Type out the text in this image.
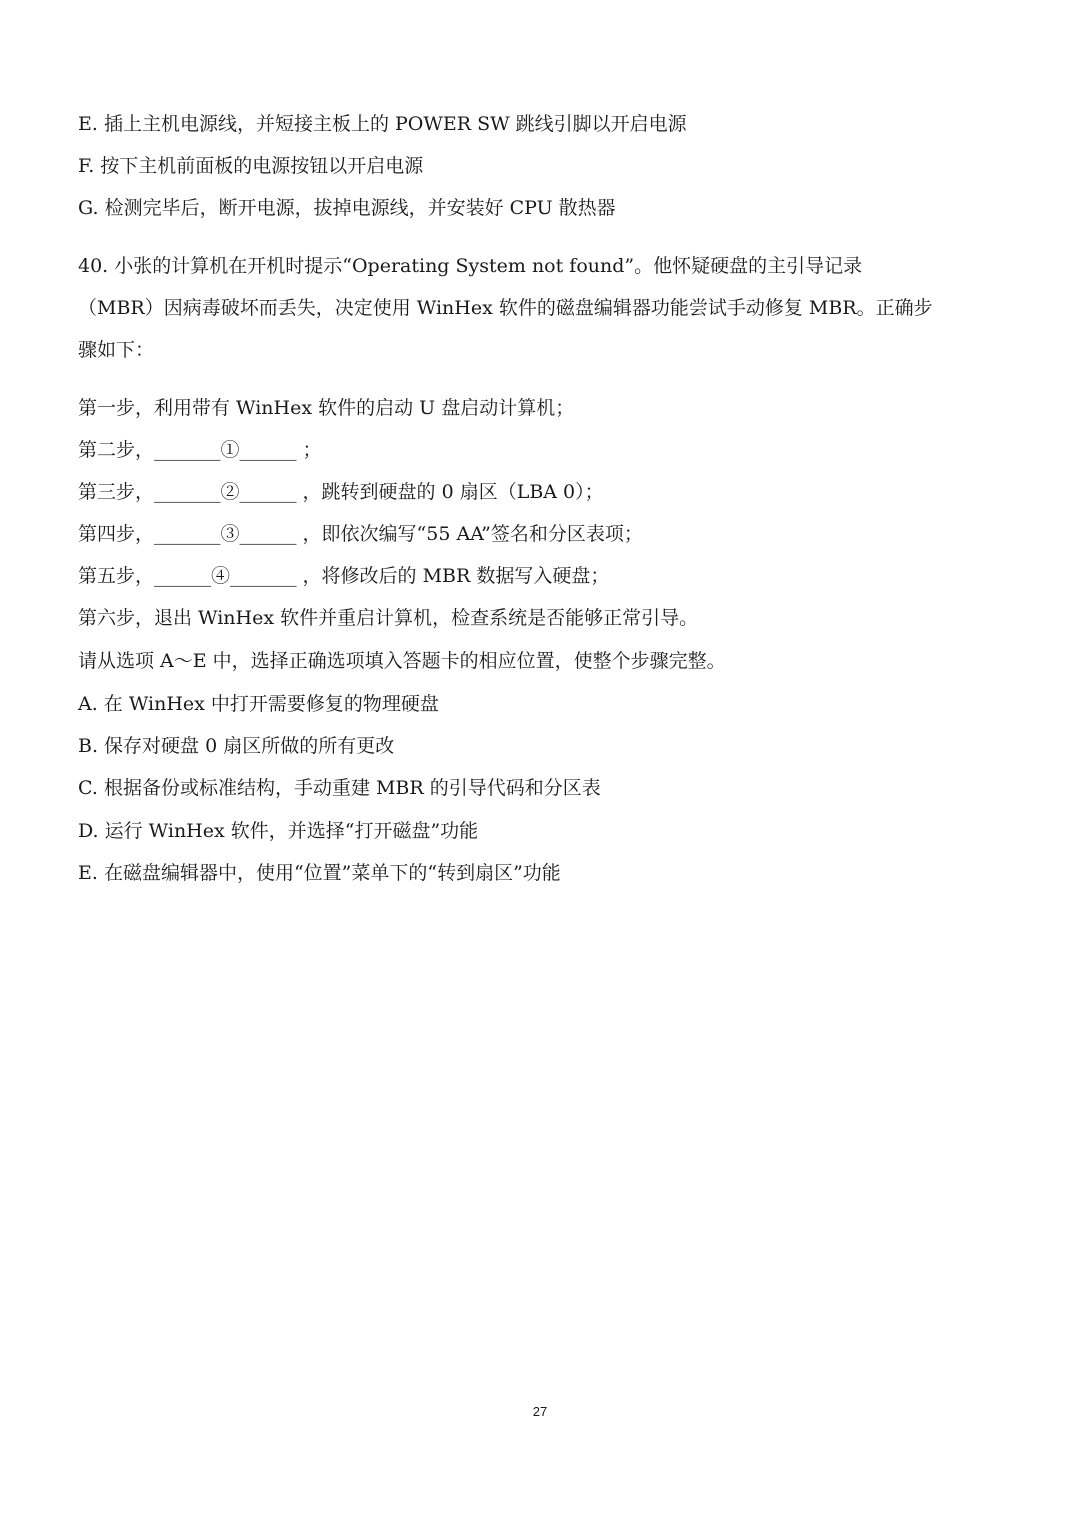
E. 插上主机电源线，并短接主板上的 POWER SW 跳线引脚以开启电源
F. 按下主机前面板的电源按钮以开启电源
G. 检测完毕后，断开电源，拔掉电源线，并安装好 CPU 散热器
40. 小张的计算机在开机时提示“Operating System not found”。他怀疑硬盘的主引导记录
（MBR）因病毒破坏而丢失，决定使用 WinHex 软件的磁盘编辑器功能尝试手动修复 MBR。正确步
骤如下：
第一步，利用带有 WinHex 软件的启动 U 盘启动计算机；
第二步，_______①______ ；
第三步，_______②______ ，跳转到硬盘的 0 扇区（LBA 0）；
第四步，_______③______ ，即依次编写“55 AA”签名和分区表项；
第五步，______④_______ ，将修改后的 MBR 数据写入硬盘；
第六步，退出 WinHex 软件并重启计算机，检查系统是否能够正常引导。
请从选项 A～E 中，选择正确选项填入答题卡的相应位置，使整个步骤完整。
A. 在 WinHex 中打开需要修复的物理硬盘
B. 保存对硬盘 0 扇区所做的所有更改
C. 根据备份或标准结构，手动重建 MBR 的引导代码和分区表
D. 运行 WinHex 软件，并选择“打开磁盘”功能
E. 在磁盘编辑器中，使用“位置”菜单下的“转到扇区”功能
27
